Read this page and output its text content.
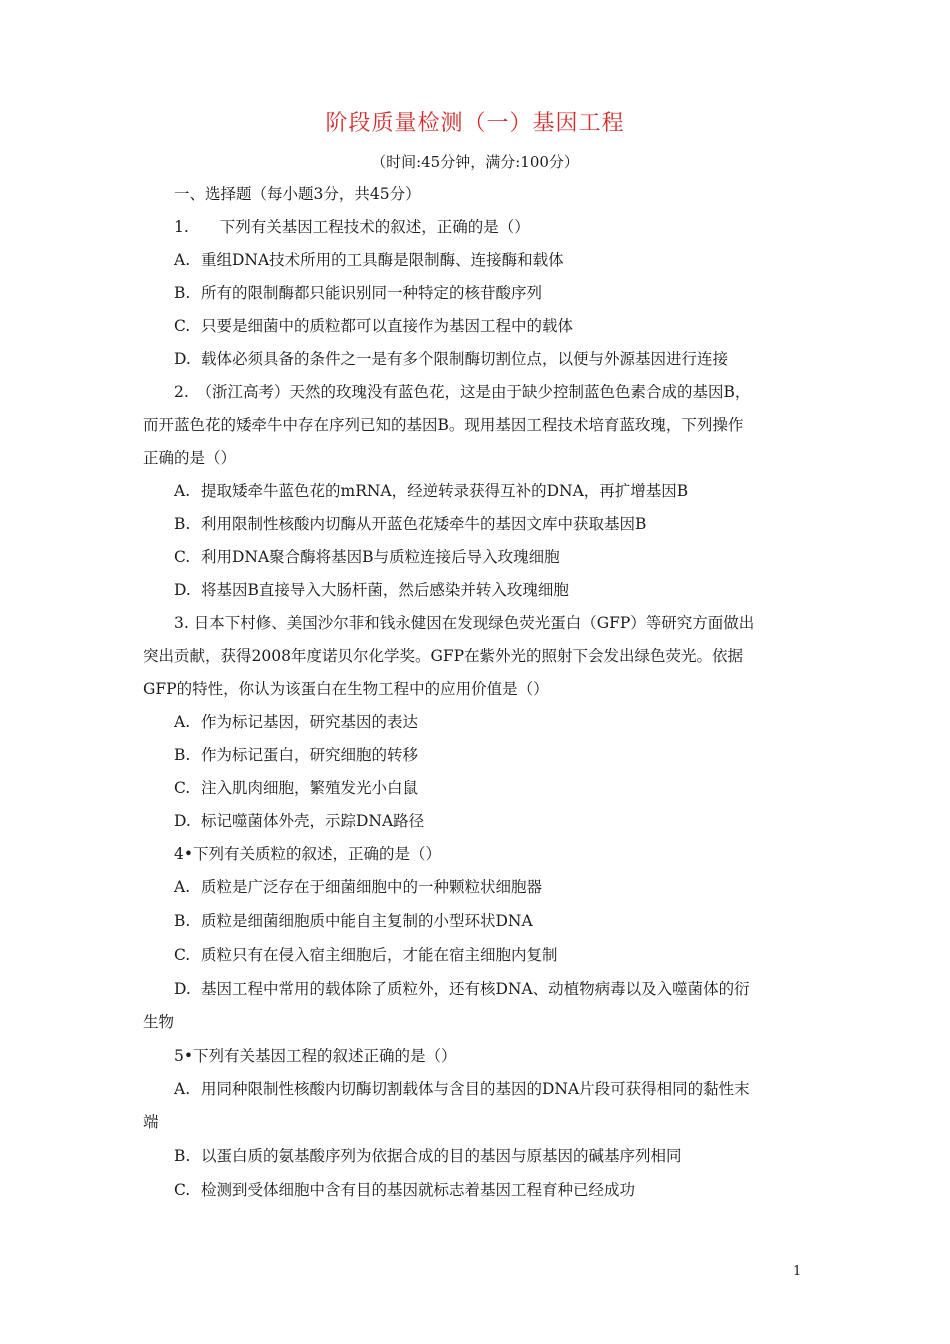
阶段质量检测（一）基因工程
（时间:45分钟，满分:100分）
一、选择题（每小题3分，共45分）
1.　　下列有关基因工程技术的叙述，正确的是（）
A. 重组DNA技术所用的工具酶是限制酶、连接酶和载体
B. 所有的限制酶都只能识别同一种特定的核苷酸序列
C. 只要是细菌中的质粒都可以直接作为基因工程中的载体
D. 载体必须具备的条件之一是有多个限制酶切割位点，以便与外源基因进行连接
2.　（浙江高考）天然的玫瑰没有蓝色花，这是由于缺少控制蓝色色素合成的基因B，
而开蓝色花的矮牵牛中存在序列已知的基因B。现用基因工程技术培育蓝玫瑰，下列操作
正确的是（）
A. 提取矮牵牛蓝色花的mRNA，经逆转录获得互补的DNA，再扩增基因B
B. 利用限制性核酸内切酶从开蓝色花矮牵牛的基因文库中获取基因B
C. 利用DNA聚合酶将基因B与质粒连接后导入玫瑰细胞
D. 将基因B直接导入大肠杆菌，然后感染并转入玫瑰细胞
3. 日本下村修、美国沙尔菲和钱永健因在发现绿色荧光蛋白（GFP）等研究方面做出
突出贡献，获得2008年度诺贝尔化学奖。GFP在紫外光的照射下会发出绿色荧光。依据
GFP的特性，你认为该蛋白在生物工程中的应用价值是（）
A. 作为标记基因，研究基因的表达
B. 作为标记蛋白，研究细胞的转移
C. 注入肌肉细胞，繁殖发光小白鼠
D. 标记噬菌体外壳，示踪DNA路径
4•下列有关质粒的叙述，正确的是（）
A. 质粒是广泛存在于细菌细胞中的一种颗粒状细胞器
B. 质粒是细菌细胞质中能自主复制的小型环状DNA
C. 质粒只有在侵入宿主细胞后，才能在宿主细胞内复制
D. 基因工程中常用的载体除了质粒外，还有核DNA、动植物病毒以及入噬菌体的衍
生物
5•下列有关基因工程的叙述正确的是（）
A. 用同种限制性核酸内切酶切割载体与含目的基因的DNA片段可获得相同的黏性末
端
B. 以蛋白质的氨基酸序列为依据合成的目的基因与原基因的碱基序列相同
C. 检测到受体细胞中含有目的基因就标志着基因工程育种已经成功
1
